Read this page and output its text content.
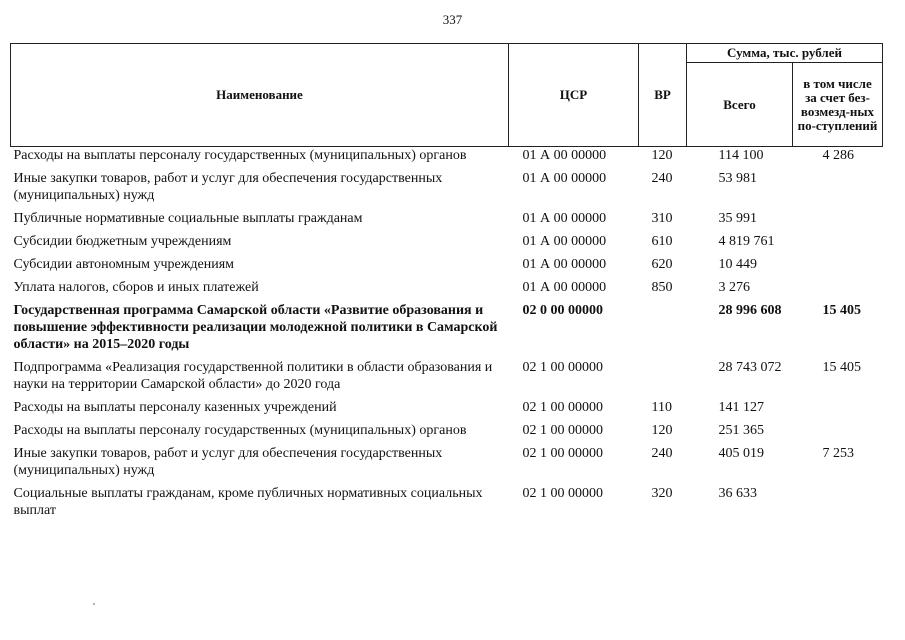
337
Наименование	ЦСР	ВР	Сумма, тыс. рублей	
			Всего	в том числе за счет без-возмезд-ных по-ступлений
Расходы на выплаты персоналу государственных (муниципальных) органов	01 А 00 00000	120	114 100	4 286

Иные закупки товаров, работ и услуг для обеспечения государственных (муниципальных) нужд	01 А 00 00000	240	53 981	

Публичные нормативные социальные выплаты гражданам	01 А 00 00000	310	35 991	

Субсидии бюджетным учреждениям	01 А 00 00000	610	4 819 761	

Субсидии автономным учреждениям	01 А 00 00000	620	10 449	

Уплата налогов, сборов и иных платежей	01 А 00 00000	850	3 276	

Государственная программа Самарской области «Развитие образования и повышение эффективности реализации молодежной политики в Самарской области» на 2015–2020 годы	02 0 00 00000		28 996 608	15 405

Подпрограмма «Реализация государственной политики в области образования и науки на территории Самарской области» до 2020 года	02 1 00 00000		28 743 072	15 405

Расходы на выплаты персоналу казенных учреждений	02 1 00 00000	110	141 127	

Расходы на выплаты персоналу государственных (муниципальных) органов	02 1 00 00000	120	251 365	

Иные закупки товаров, работ и услуг для обеспечения государственных (муниципальных) нужд	02 1 00 00000	240	405 019	7 253

Социальные выплаты гражданам, кроме публичных нормативных социальных выплат	02 1 00 00000	320	36 633	
